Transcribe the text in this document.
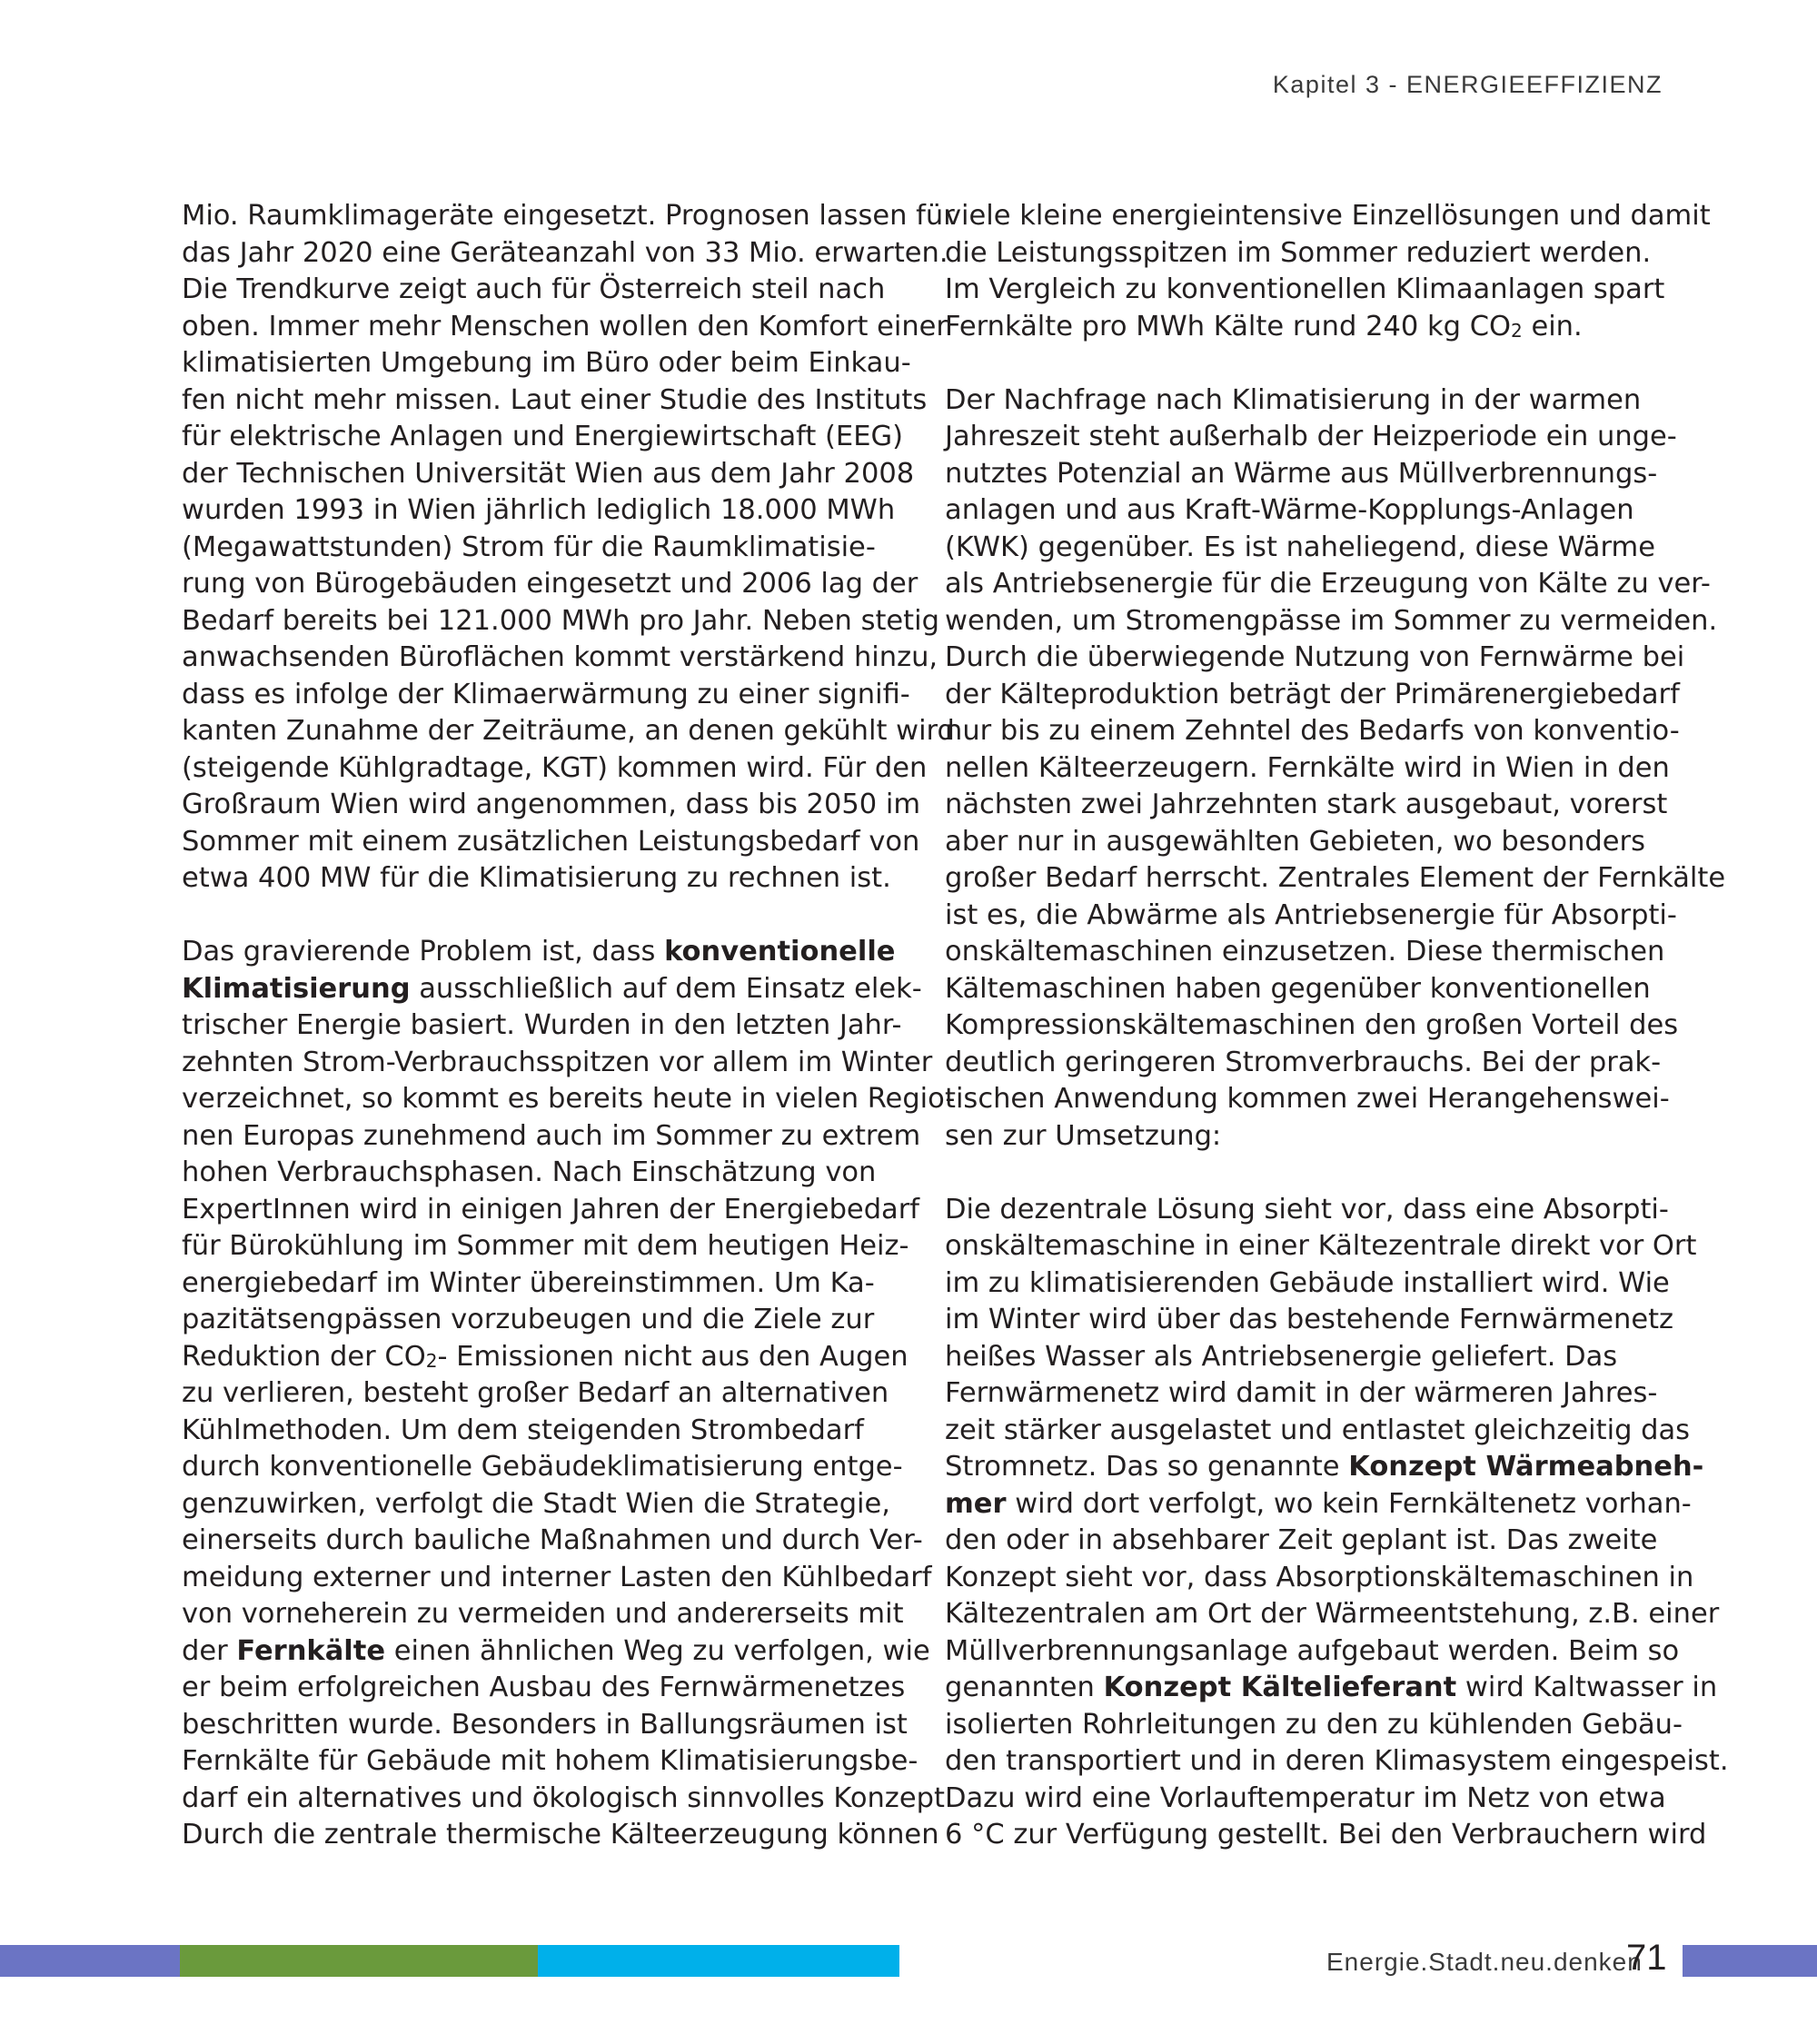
Kapitel 3 - ENERGIEEFFIZIENZ
Mio. Raumklimageräte eingesetzt. Prognosen lassen für
das Jahr 2020 eine Geräteanzahl von 33 Mio. erwarten.
Die Trendkurve zeigt auch für Österreich steil nach
oben. Immer mehr Menschen wollen den Komfort einer
klimatisierten Umgebung im Büro oder beim Einkau-
fen nicht mehr missen. Laut einer Studie des Instituts
für elektrische Anlagen und Energiewirtschaft (EEG)
der Technischen Universität Wien aus dem Jahr 2008
wurden 1993 in Wien jährlich lediglich 18.000 MWh
(Megawattstunden) Strom für die Raumklimatisie-
rung von Bürogebäuden eingesetzt und 2006 lag der
Bedarf bereits bei 121.000 MWh pro Jahr. Neben stetig
anwachsenden Büroflächen kommt verstärkend hinzu,
dass es infolge der Klimaerwärmung zu einer signifi-
kanten Zunahme der Zeiträume, an denen gekühlt wird
(steigende Kühlgradtage, KGT) kommen wird. Für den
Großraum Wien wird angenommen, dass bis 2050 im
Sommer mit einem zusätzlichen Leistungsbedarf von
etwa 400 MW für die Klimatisierung zu rechnen ist.
Das gravierende Problem ist, dass konventionelle
Klimatisierung ausschließlich auf dem Einsatz elek-
trischer Energie basiert. Wurden in den letzten Jahr-
zehnten Strom-Verbrauchsspitzen vor allem im Winter
verzeichnet, so kommt es bereits heute in vielen Regio-
nen Europas zunehmend auch im Sommer zu extrem
hohen Verbrauchsphasen. Nach Einschätzung von
ExpertInnen wird in einigen Jahren der Energiebedarf
für Bürokühlung im Sommer mit dem heutigen Heiz-
energiebedarf im Winter übereinstimmen. Um Ka-
pazitätsengpässen vorzubeugen und die Ziele zur
Reduktion der $CO_2-$ Emissionen nicht aus den Augen
zu verlieren, besteht großer Bedarf an alternativen
Kühlmethoden. Um dem steigenden Strombedarf
durch konventionelle Gebäudeklimatisierung entge-
genzuwirken, verfolgt die Stadt Wien die Strategie,
einerseits durch bauliche Maßnahmen und durch Ver-
meidung externer und interner Lasten den Kühlbedarf
von vorneherein zu vermeiden und andererseits mit
der Fernkälte einen ähnlichen Weg zu verfolgen, wie
er beim erfolgreichen Ausbau des Fernwärmenetzes
beschritten wurde. Besonders in Ballungsräumen ist
Fernkälte für Gebäude mit hohem Klimatisierungsbe-
darf ein alternatives und ökologisch sinnvolles Konzept.
Durch die zentrale thermische Kälteerzeugung können
viele kleine energieintensive Einzellösungen und damit
die Leistungsspitzen im Sommer reduziert werden.
Im Vergleich zu konventionellen Klimaanlagen spart
Fernkälte pro MWh Kälte rund 240 kg $CO_2$ ein.
Der Nachfrage nach Klimatisierung in der warmen
Jahreszeit steht außerhalb der Heizperiode ein unge-
nutztes Potenzial an Wärme aus Müllverbrennungs-
anlagen und aus Kraft-Wärme-Kopplungs-Anlagen
(KWK) gegenüber. Es ist naheliegend, diese Wärme
als Antriebsenergie für die Erzeugung von Kälte zu ver-
wenden, um Stromengpässe im Sommer zu vermeiden.
Durch die überwiegende Nutzung von Fernwärme bei
der Kälteproduktion beträgt der Primärenergiebedarf
nur bis zu einem Zehntel des Bedarfs von konventio-
nellen Kälteerzeugern. Fernkälte wird in Wien in den
nächsten zwei Jahrzehnten stark ausgebaut, vorerst
aber nur in ausgewählten Gebieten, wo besonders
großer Bedarf herrscht. Zentrales Element der Fernkälte
ist es, die Abwärme als Antriebsenergie für Absorpti-
onskältemaschinen einzusetzen. Diese thermischen
Kältemaschinen haben gegenüber konventionellen
Kompressionskältemaschinen den großen Vorteil des
deutlich geringeren Stromverbrauchs. Bei der prak-
tischen Anwendung kommen zwei Herangehenswei-
sen zur Umsetzung:
Die dezentrale Lösung sieht vor, dass eine Absorpti-
onskältemaschine in einer Kältezentrale direkt vor Ort
im zu klimatisierenden Gebäude installiert wird. Wie
im Winter wird über das bestehende Fernwärmenetz
heißes Wasser als Antriebsenergie geliefert. Das
Fernwärmenetz wird damit in der wärmeren Jahres-
zeit stärker ausgelastet und entlastet gleichzeitig das
Stromnetz. Das so genannte Konzept Wärmeabneh-
mer wird dort verfolgt, wo kein Fernkältenetz vorhan-
den oder in absehbarer Zeit geplant ist. Das zweite
Konzept sieht vor, dass Absorptionskältemaschinen in
Kältezentralen am Ort der Wärmeentstehung, z.B. einer
Müllverbrennungsanlage aufgebaut werden. Beim so
genannten Konzept Kältelieferant wird Kaltwasser in
isolierten Rohrleitungen zu den zu kühlenden Gebäu-
den transportiert und in deren Klimasystem eingespeist.
Dazu wird eine Vorlauftemperatur im Netz von etwa
6 °C zur Verfügung gestellt. Bei den Verbrauchern wird
Energie.Stadt.neu.denken
71
